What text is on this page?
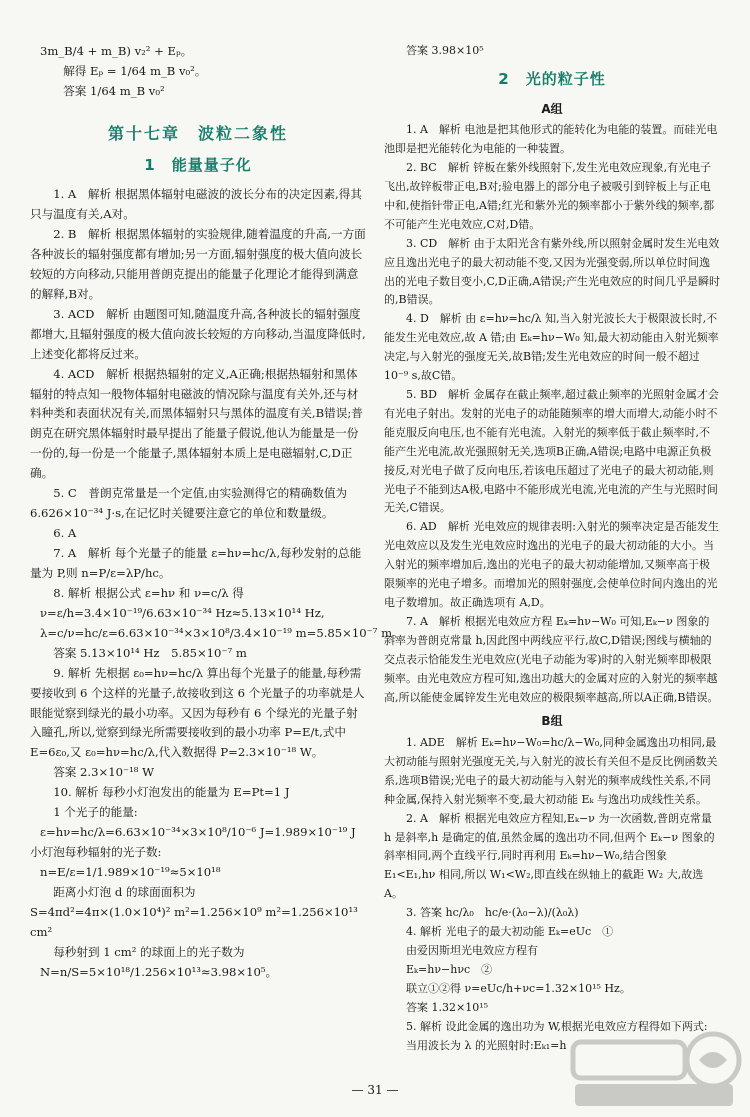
3m_B/4 + m_B) v₂² + Eₚ。

解得 Eₚ = 1/64 m_B v₀²。

答案 1/64 m_B v₀²

第十七章　波粒二象性
1　能量量子化

1. A　解析 根据黑体辐射电磁波的波长分布的决定因素,得其只与温度有关,A对。

2. B　解析 根据黑体辐射的实验规律,随着温度的升高,一方面各种波长的辐射强度都有增加;另一方面,辐射强度的极大值向波长较短的方向移动,只能用普朗克提出的能量子化理论才能得到满意的解释,B对。

3. ACD　解析 由题图可知,随温度升高,各种波长的辐射强度都增大,且辐射强度的极大值向波长较短的方向移动,当温度降低时,上述变化都将反过来。

4. ACD　解析 根据热辐射的定义,A正确;根据热辐射和黑体辐射的特点知一般物体辐射电磁波的情况除与温度有关外,还与材料种类和表面状况有关,而黑体辐射只与黑体的温度有关,B错误;普朗克在研究黑体辐射时最早提出了能量子假说,他认为能量是一份一份的,每一份是一个能量子,黑体辐射本质上是电磁辐射,C,D正确。

5. C　普朗克常量是一个定值,由实验测得它的精确数值为 6.626×10⁻³⁴ J·s,在记忆时关键要注意它的单位和数量级。

6. A

7. A　解析 每个光量子的能量 ε=hν=hc/λ,每秒发射的总能量为 P,则 n=P/ε=λP/hc。

8. 解析 根据公式 ε=hν 和 ν=c/λ 得

ν=ε/h=3.4×10⁻¹⁹/6.63×10⁻³⁴ Hz≈5.13×10¹⁴ Hz,

λ=c/ν=hc/ε=6.63×10⁻³⁴×3×10⁸/3.4×10⁻¹⁹ m=5.85×10⁻⁷ m。

答案 5.13×10¹⁴ Hz　5.85×10⁻⁷ m

9. 解析 先根据 ε₀=hν=hc/λ 算出每个光量子的能量,每秒需要接收到 6 个这样的光量子,故接收到这 6 个光量子的功率就是人眼能觉察到绿光的最小功率。又因为每秒有 6 个绿光的光量子射入瞳孔,所以,觉察到绿光所需要接收到的最小功率 P=E/t,式中 E=6ε₀,又 ε₀=hν=hc/λ,代入数据得 P=2.3×10⁻¹⁸ W。

答案 2.3×10⁻¹⁸ W

10. 解析 每秒小灯泡发出的能量为 E=Pt=1 J

1 个光子的能量:

ε=hν=hc/λ=6.63×10⁻³⁴×3×10⁸/10⁻⁶ J=1.989×10⁻¹⁹ J

小灯泡每秒辐射的光子数:

n=E/ε=1/1.989×10⁻¹⁹≈5×10¹⁸

距离小灯泡 d 的球面面积为

S=4πd²=4π×(1.0×10⁴)² m²=1.256×10⁹ m²=1.256×10¹³ cm²

每秒射到 1 cm² 的球面上的光子数为

N=n/S=5×10¹⁸/1.256×10¹³≈3.98×10⁵。

答案 3.98×10⁵

2　光的粒子性
A组

1. A　解析 电池是把其他形式的能转化为电能的装置。而硅光电池即是把光能转化为电能的一种装置。

2. BC　解析 锌板在紫外线照射下,发生光电效应现象,有光电子飞出,故锌板带正电,B对;验电器上的部分电子被吸引到锌板上与正电中和,使指针带正电,A错;红光和紫外光的频率都小于紫外线的频率,都不可能产生光电效应,C对,D错。

3. CD　解析 由于太阳光含有紫外线,所以照射金属时发生光电效应且逸出光电子的最大初动能不变,又因为光强变弱,所以单位时间逸出的光电子数目变小,C,D正确,A错误;产生光电效应的时间几乎是瞬时的,B错误。

4. D　解析 由 ε=hν=hc/λ 知,当入射光波长大于极限波长时,不能发生光电效应,故 A 错;由 Eₖ=hν−W₀ 知,最大初动能由入射光频率决定,与入射光的强度无关,故B错;发生光电效应的时间一般不超过 10⁻⁹ s,故C错。

5. BD　解析 金属存在截止频率,超过截止频率的光照射金属才会有光电子射出。发射的光电子的动能随频率的增大而增大,动能小时不能克服反向电压,也不能有光电流。入射光的频率低于截止频率时,不能产生光电流,故光强照射无关,选项B正确,A错误;电路中电源正负极接反,对光电子做了反向电压,若该电压超过了光电子的最大初动能,则光电子不能到达A极,电路中不能形成光电流,光电流的产生与光照时间无关,C错误。

6. AD　解析 光电效应的规律表明:入射光的频率决定是否能发生光电效应以及发生光电效应时逸出的光电子的最大初动能的大小。当入射光的频率增加后,逸出的光电子的最大初动能增加,又频率高于极限频率的光电子增多。而增加光的照射强度,会使单位时间内逸出的光电子数增加。故正确选项有 A,D。

7. A　解析 根据光电效应方程 Eₖ=hν−W₀ 可知,Eₖ−ν 图象的斜率为普朗克常量 h,因此图中两线应平行,故C,D错误;图线与横轴的交点表示恰能发生光电效应(光电子动能为零)时的入射光频率即极限频率。由光电效应方程可知,逸出功越大的金属对应的入射光的频率越高,所以能使金属锌发生光电效应的极限频率越高,所以A正确,B错误。

B组

1. ADE　解析 Eₖ=hν−W₀=hc/λ−W₀,同种金属逸出功相同,最大初动能与照射光强度无关,与入射光的波长有关但不是反比例函数关系,选项B错误;光电子的最大初动能与入射光的频率成线性关系,不同种金属,保持入射光频率不变,最大初动能 Eₖ 与逸出功成线性关系。

2. A　解析 根据光电效应方程知,Eₖ−ν 为一次函数,普朗克常量 h 是斜率,h 是确定的值,虽然金属的逸出功不同,但两个 Eₖ−ν 图象的斜率相同,两个直线平行,同时再利用 Eₖ=hν−W₀,结合图象 E₁<E₁,hν 相同,所以 W₁<W₂,即直线在纵轴上的截距 W₂ 大,故选 A。

3. 答案 hc/λ₀　hc/e·(λ₀−λ)/(λ₀λ)

4. 解析 光电子的最大初动能 Eₖ=eUc　①

由爱因斯坦光电效应方程有

Eₖ=hν−hνc　②

联立①②得 ν=eUc/h+νc=1.32×10¹⁵ Hz。

答案 1.32×10¹⁵

5. 解析 设此金属的逸出功为 W,根据光电效应方程得如下两式:

当用波长为 λ 的光照射时:Eₖ₁=h

— 31 —
